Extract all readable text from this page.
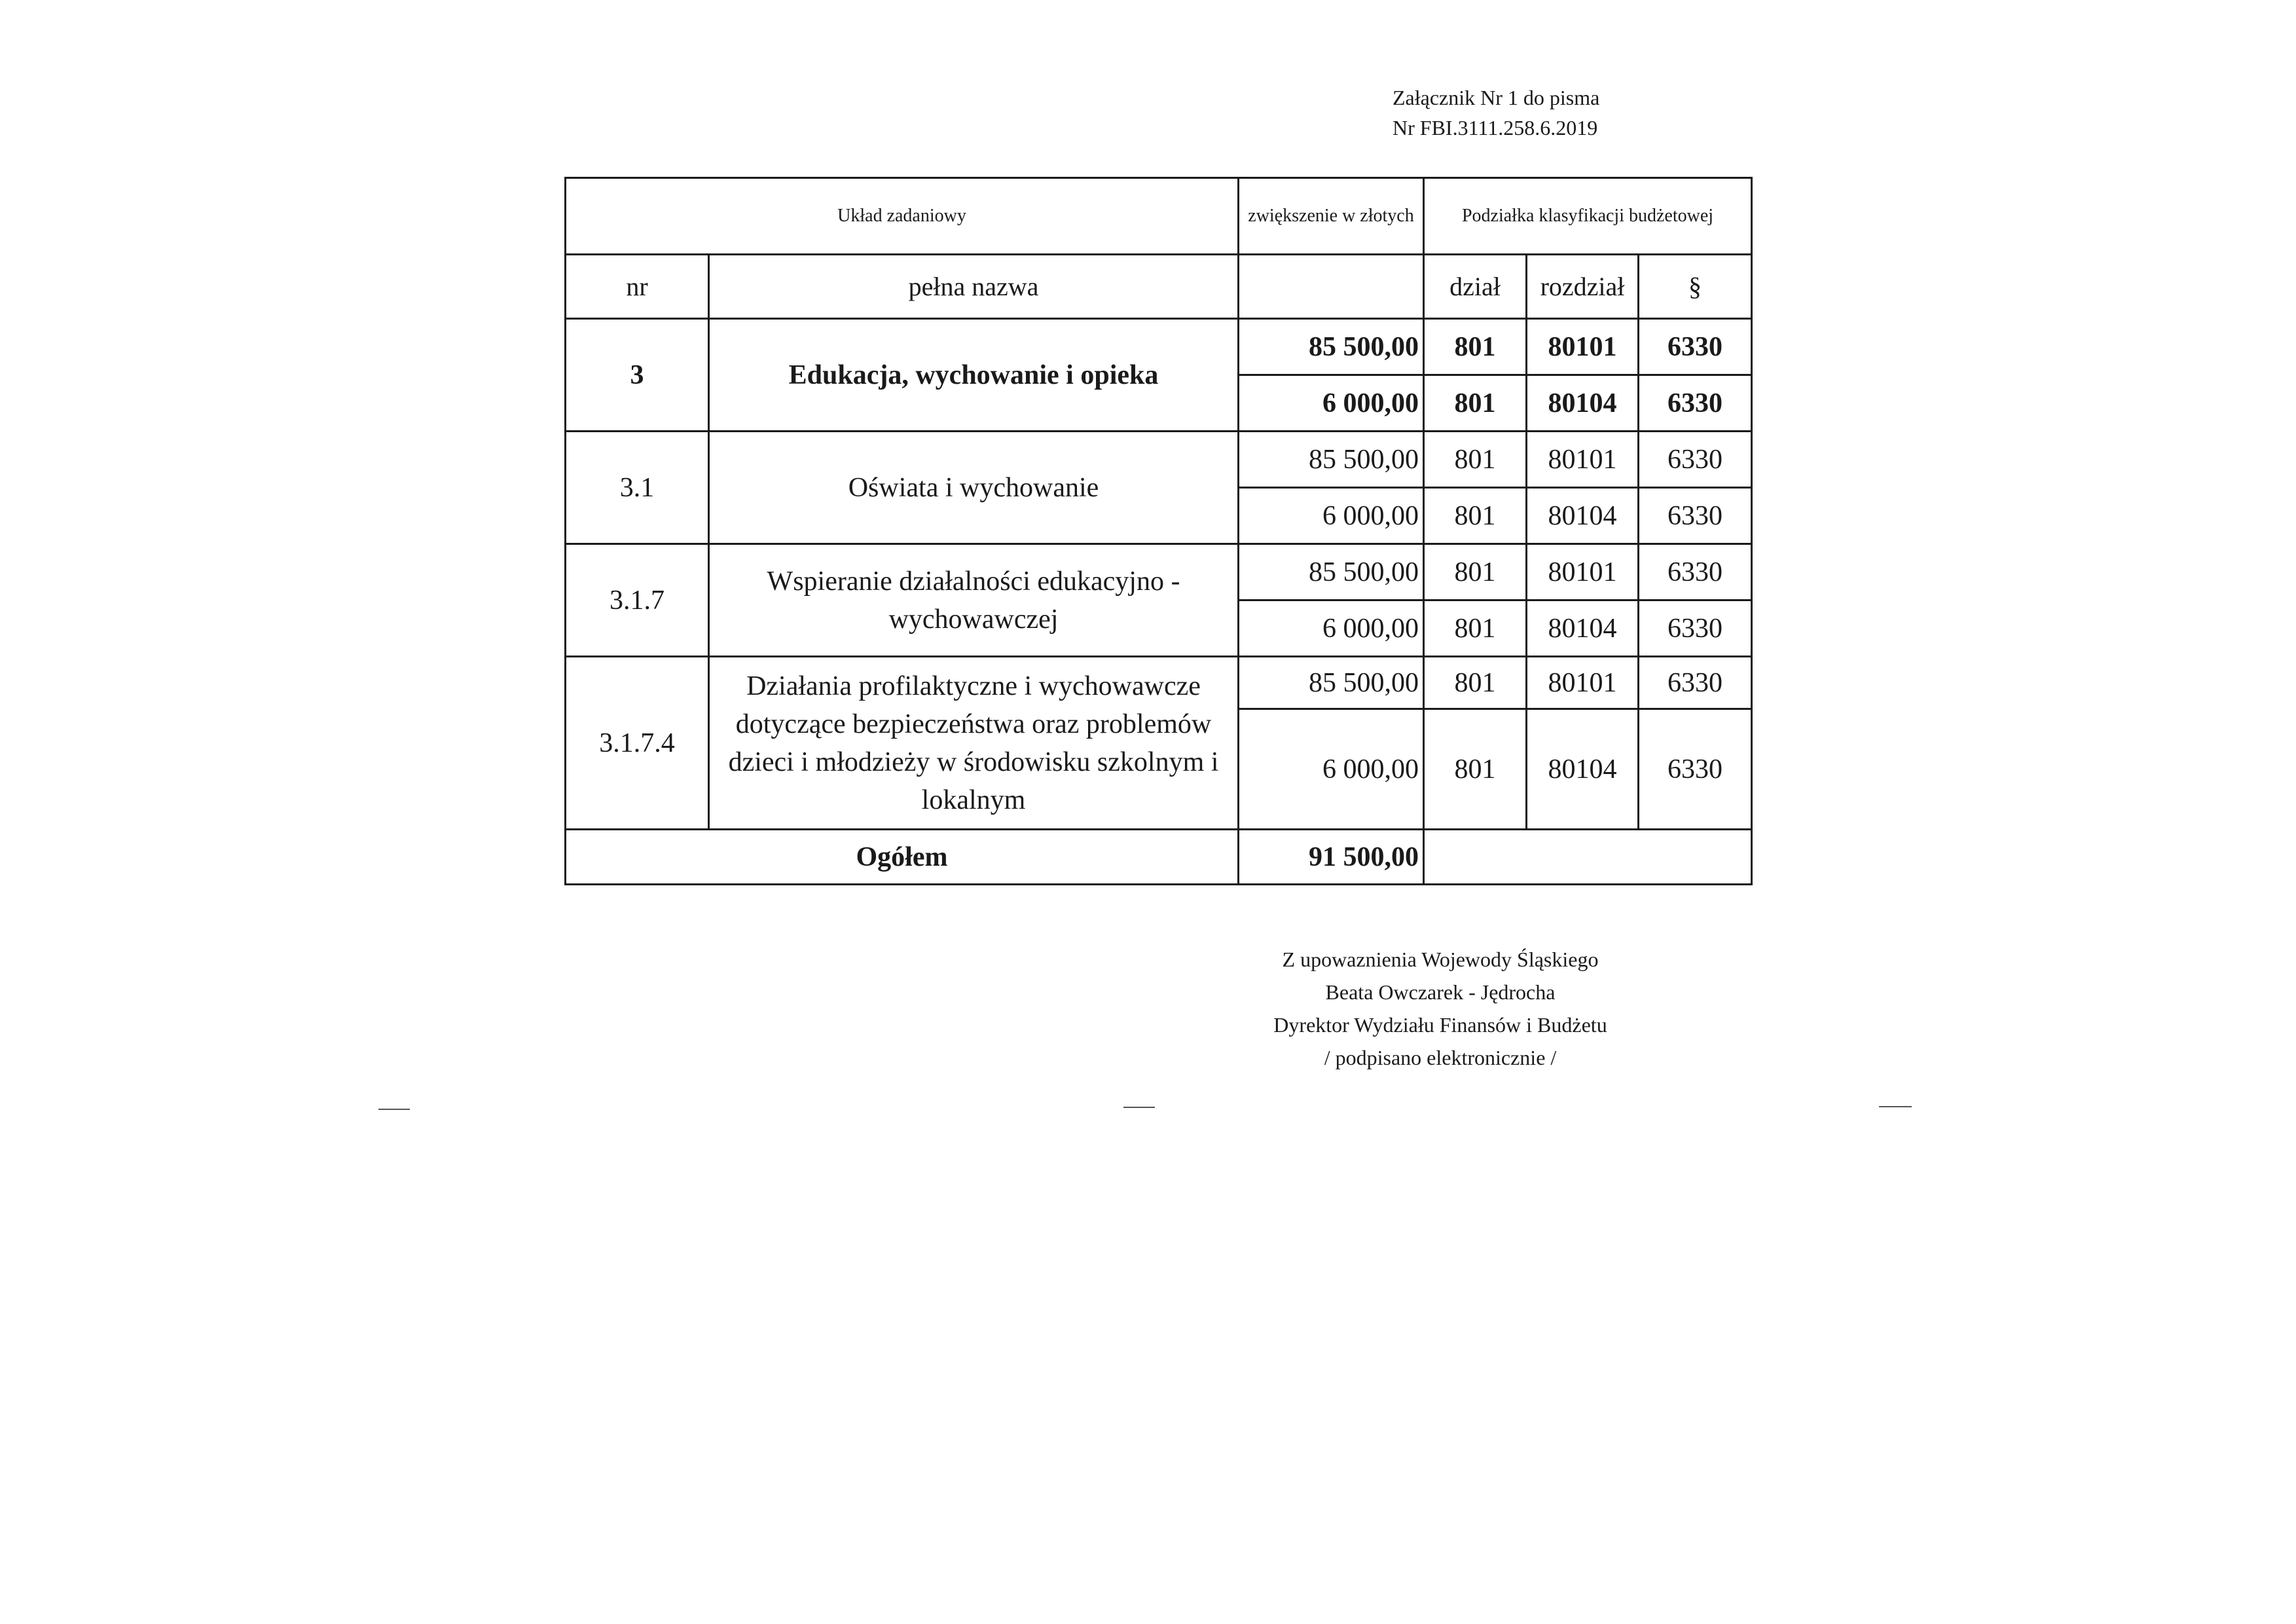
Załącznik Nr 1 do pisma
Nr FBI.3111.258.6.2019
Układ zadaniowy		zwiększenie w złotych	Podziałka klasyfikacji budżetowej		
nr	pełna nazwa		dział	rozdział	§
3	Edukacja, wychowanie i opieka	85 500,00	801	80101	6330
		6 000,00	801	80104	6330
3.1	Oświata i wychowanie	85 500,00	801	80101	6330
		6 000,00	801	80104	6330
3.1.7	Wspieranie działalności edukacyjno - wychowawczej	85 500,00	801	80101	6330
		6 000,00	801	80104	6330
3.1.7.4	Działania profilaktyczne i wychowawcze dotyczące bezpieczeństwa oraz problemów dzieci i młodzieży w środowisku szkolnym i lokalnym	85 500,00	801	80101	6330
		6 000,00	801	80104	6330
Ogółem		91 500,00			
Z upowaznienia Wojewody Śląskiego
Beata Owczarek - Jędrocha
Dyrektor Wydziału Finansów i Budżetu
/ podpisano elektronicznie /
